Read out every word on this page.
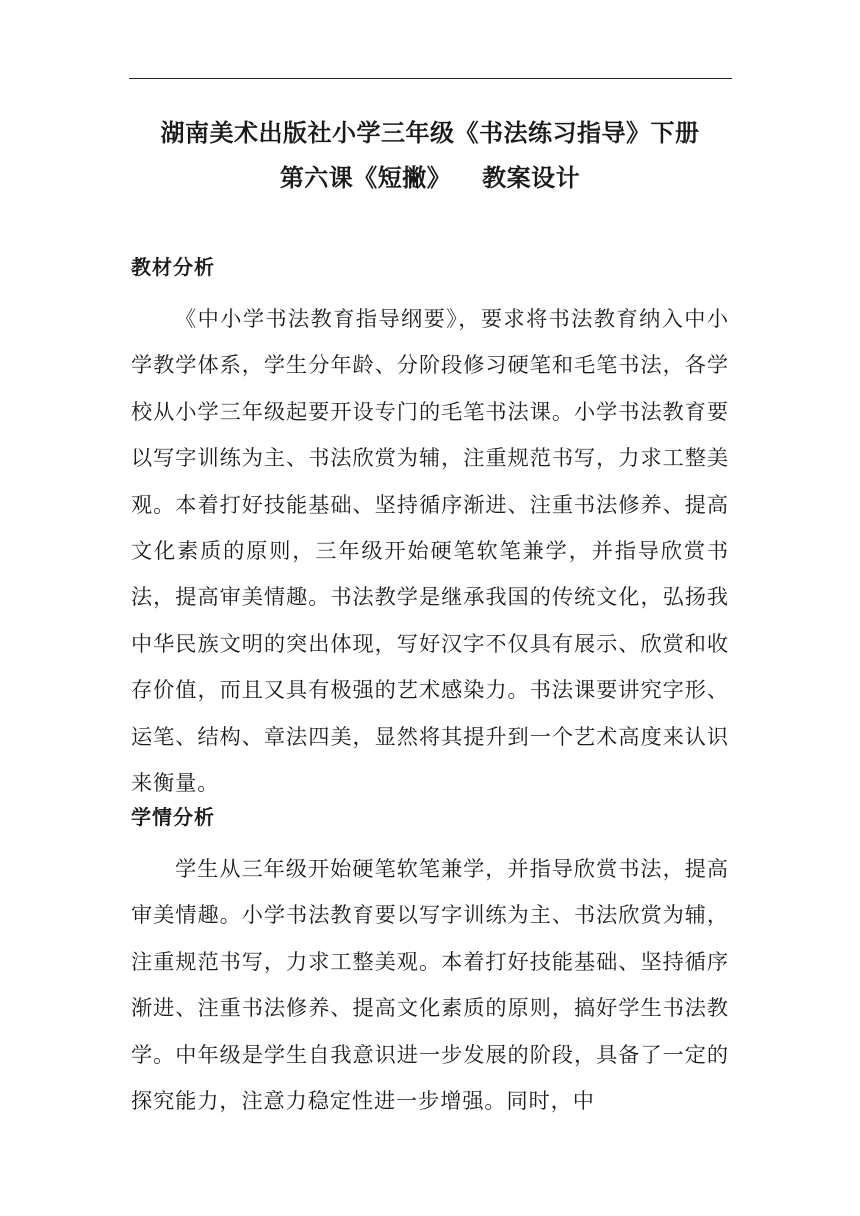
湖南美术出版社小学三年级《书法练习指导》下册
第六课《短撇》 教案设计
教材分析

《中小学书法教育指导纲要》，要求将书法教育纳入中小学教学体系，学生分年龄、分阶段修习硬笔和毛笔书法，各学校从小学三年级起要开设专门的毛笔书法课。小学书法教育要以写字训练为主、书法欣赏为辅，注重规范书写，力求工整美观。本着打好技能基础、坚持循序渐进、注重书法修养、提高文化素质的原则，三年级开始硬笔软笔兼学，并指导欣赏书法，提高审美情趣。书法教学是继承我国的传统文化，弘扬我中华民族文明的突出体现，写好汉字不仅具有展示、欣赏和收存价值，而且又具有极强的艺术感染力。书法课要讲究字形、运笔、结构、章法四美，显然将其提升到一个艺术高度来认识来衡量。

学情分析

学生从三年级开始硬笔软笔兼学，并指导欣赏书法，提高审美情趣。小学书法教育要以写字训练为主、书法欣赏为辅，注重规范书写，力求工整美观。本着打好技能基础、坚持循序渐进、注重书法修养、提高文化素质的原则，搞好学生书法教学。中年级是学生自我意识进一步发展的阶段，具备了一定的探究能力，注意力稳定性进一步增强。同时，中
